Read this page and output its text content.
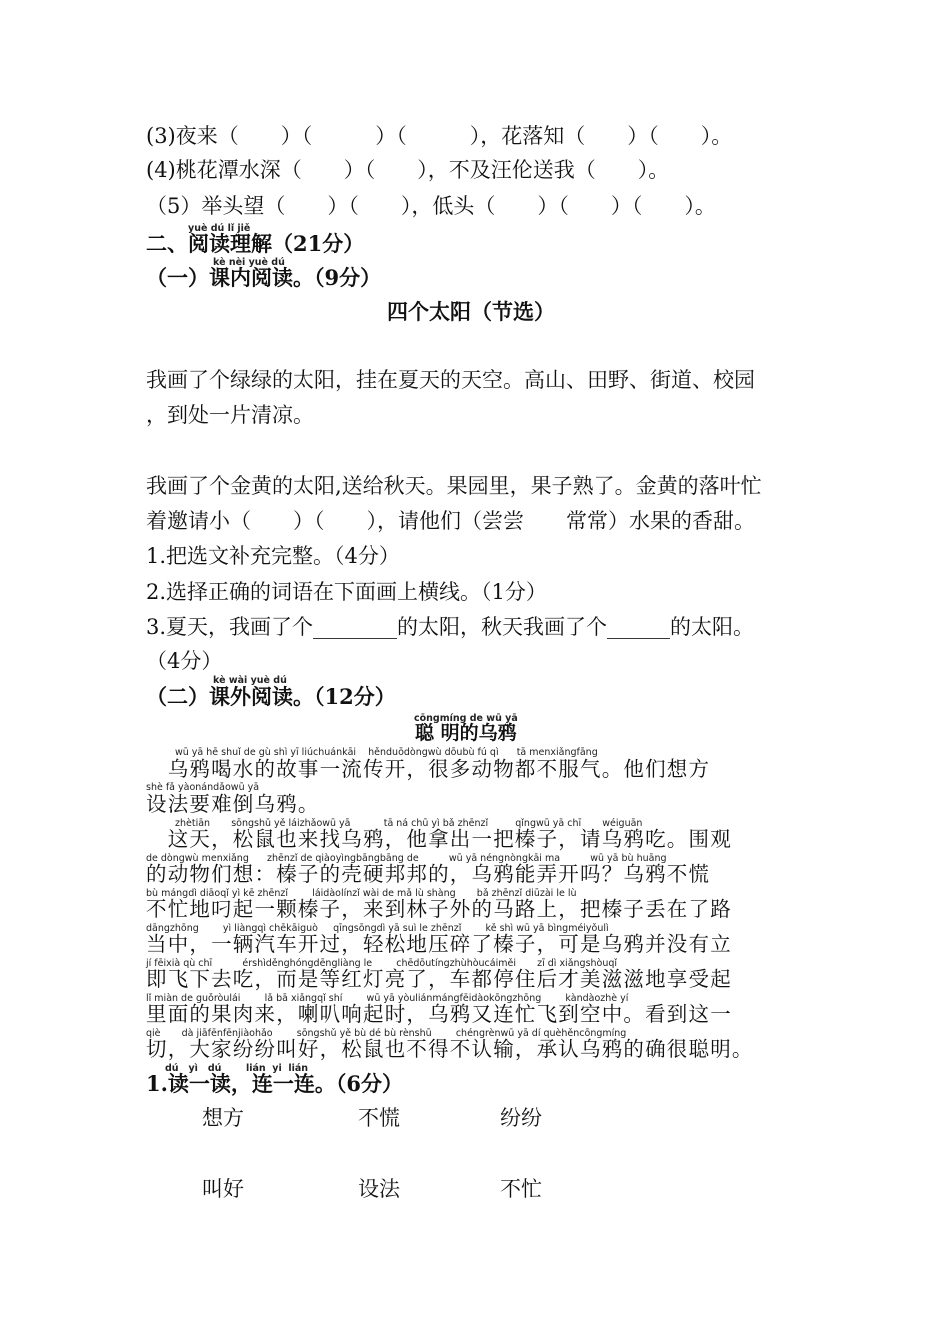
(3)夜来（　　）（　　　）（　　　），花落知（　　）（　　）。
(4)桃花潭水深（　　）（　　），不及汪伦送我（　　）。
（5）举头望（　　）（　　），低头（　　）（　　）（　　）。
yuè dú lǐ jiě
二、阅读理解（21分）
kè nèi yuè dú
（一）课内阅读。（9分）
四个太阳（节选）
我画了个绿绿的太阳，挂在夏天的天空。高山、田野、街道、校园
，到处一片清凉。
我画了个金黄的太阳,送给秋天。果园里，果子熟了。金黄的落叶忙
着邀请小（　　）（　　），请他们（尝尝　　常常）水果的香甜。
1.把选文补充完整。（4分）
2.选择正确的词语在下面画上横线。（1分）
3.夏天，我画了个________的太阳，秋天我画了个______的太阳。
（4分）
kè wài yuè dú
（二）课外阅读。（12分）
cōngmíng de wū yā
聪 明的乌鸦
wū yā hē shuǐ de gù shì yī liúchuánkāi    hěnduōdòngwù dōubù fú qì      tā menxiǎngfāng
　乌鸦喝水的故事一流传开，很多动物都不服气。他们想方
shè fǎ yàonándǎowū yā
设法要难倒乌鸦。
zhètiān       sōngshǔ yě láizhǎowū yā           tā ná chū yì bǎ zhēnzǐ         qǐngwū yā chī       wéiguān
　这天，松鼠也来找乌鸦，他拿出一把榛子，请乌鸦吃。围观
de dòngwù menxiǎng      zhēnzǐ de qiàoyìngbāngbāng de          wū yā néngnòngkāi ma          wū yā bù huāng
的动物们想：榛子的壳硬邦邦的，乌鸦能弄开吗？乌鸦不慌
bù mángdì diāoqǐ yì kē zhēnzǐ        láidàolínzǐ wài de mǎ lù shàng       bǎ zhēnzǐ diūzài le lù
不忙地叼起一颗榛子，来到林子外的马路上，把榛子丢在了路
dāngzhōng        yì liàngqì chēkāiguò     qīngsōngdì yā suì le zhēnzǐ        kě shì wū yā bìngméiyǒulì
当中，一辆汽车开过，轻松地压碎了榛子，可是乌鸦并没有立
jí fēixià qù chī          érshìděnghóngdēngliàng le        chēdōutíngzhùhòucáiměi       zī dì xiǎngshòuqǐ
即飞下去吃，而是等红灯亮了，车都停住后才美滋滋地享受起
lǐ miàn de guǒròulái        lǎ bā xiǎngqǐ shí        wū yā yòuliánmángfēidàokōngzhōng        kàndàozhè yí
里面的果肉来，喇叭响起时，乌鸦又连忙飞到空中。看到这一
qiè       dà jiāfēnfēnjiàohǎo        sōngshǔ yě bù dé bù rènshū        chéngrènwū yā dí quèhěncōngmíng
切，大家纷纷叫好，松鼠也不得不认输，承认乌鸦的确很聪明。
dú   yì   dú	lián  yi  lián
1.读一读，连一连。（6分）
想方	不慌	纷纷
叫好	设法	不忙
